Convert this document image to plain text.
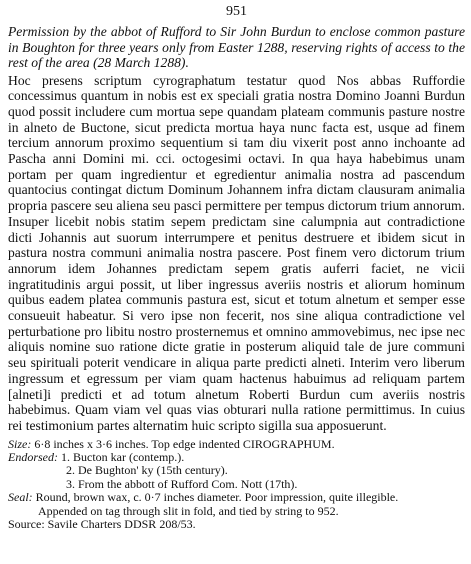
951

Permission by the abbot of Rufford to Sir John Burdun to enclose common pasture in Boughton for three years only from Easter 1288, reserving rights of access to the rest of the area (28 March 1288).

Hoc presens scriptum cyrographatum testatur quod Nos abbas Ruffordie concessimus quantum in nobis est ex speciali gratia nostra Domino Joanni Burdun quod possit includere cum mortua sepe quandam plateam communis pasture nostre in alneto de Buctone, sicut predicta mortua haya nunc facta est, usque ad finem tercium annorum proximo sequentium si tam diu vixerit post anno inchoante ad Pascha anni Domini mi. cci. octogesimi octavi. In qua haya habebimus unam portam per quam ingredientur et egredientur animalia nostra ad pascendum quantocius contingat dictum Dominum Johannem infra dictam clausuram animalia propria pascere seu aliena seu pasci permittere per tempus dictorum trium annorum. Insuper licebit nobis statim sepem predictam sine calumpnia aut contradictione dicti Johannis aut suorum interrumpere et penitus destruere et ibidem sicut in pastura nostra communi animalia nostra pascere. Post finem vero dictorum trium annorum idem Johannes predictam sepem gratis auferri faciet, ne vicii ingratitudinis argui possit, ut liber ingressus averiis nostris et aliorum hominum quibus eadem platea communis pastura est, sicut et totum alnetum et semper esse consueuit habeatur. Si vero ipse non fecerit, nos sine aliqua contradictione vel perturbatione pro libitu nostro prosternemus et omnino ammovebimus, nec ipse nec aliquis nomine suo ratione dicte gratie in posterum aliquid tale de jure communi seu spirituali poterit vendicare in aliqua parte predicti alneti. Interim vero liberum ingressum et egressum per viam quam hactenus habuimus ad reliquam partem [alneti]i predicti et ad totum alnetum Roberti Burdun cum averiis nostris habebimus. Quam viam vel quas vias obturari nulla ratione permittimus. In cuius rei testimonium partes alternatim huic scripto sigilla sua apposuerunt.

Size:
6·8 inches x 3·6 inches. Top edge indented CIROGRAPHUM.
Endorsed:
1. Bucton kar (contemp.).
2. De Bughton' ky (15th century).
3. From the abbott of Rufford Com. Nott (17th).
Seal:
Round, brown wax, c. 0·7 inches diameter. Poor impression, quite illegible.
Appended on tag through slit in fold, and tied by string to 952.
Source: Savile Charters DDSR 208/53.
